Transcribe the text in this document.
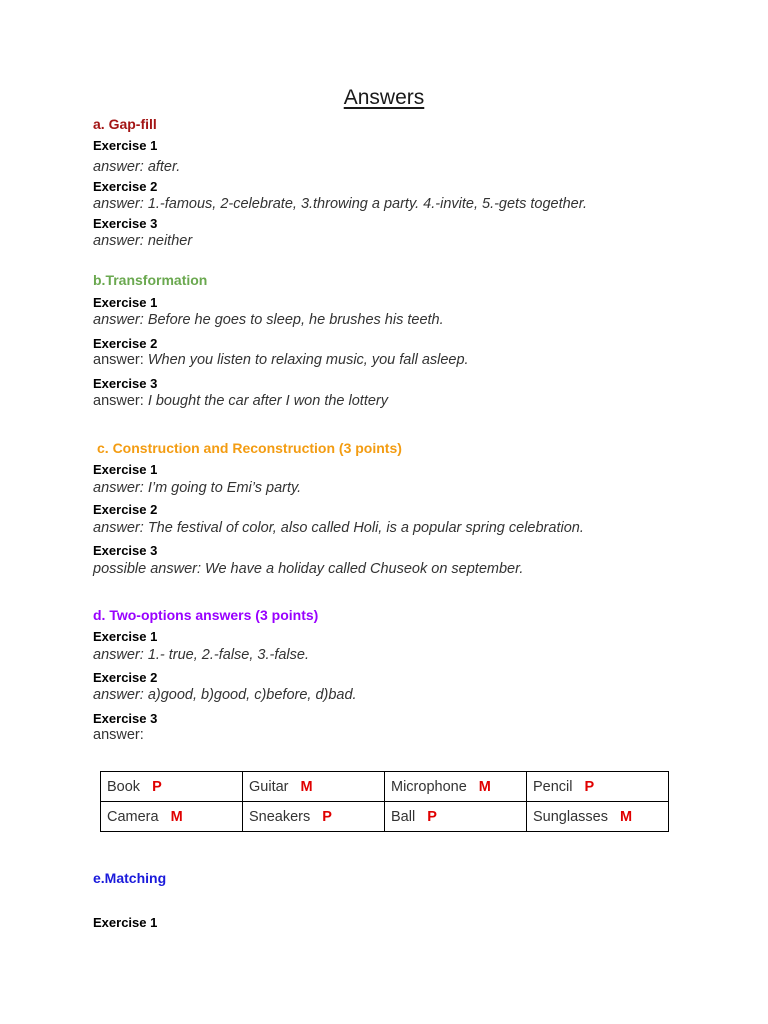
Answers
a. Gap-fill
Exercise 1
answer: after.
Exercise 2
answer: 1.-famous, 2-celebrate, 3.throwing a party. 4.-invite, 5.-gets together.
Exercise 3
answer: neither
b.Transformation
Exercise 1
answer: Before he goes to sleep, he brushes his teeth.
Exercise 2
answer: When you listen to relaxing music, you fall asleep.
Exercise 3
answer: I bought the car after I won the lottery
c. Construction and Reconstruction (3 points)
Exercise 1
answer: I’m going to Emi’s party.
Exercise 2
answer: The festival of color, also called Holi, is a popular spring celebration.
Exercise 3
possible answer: We have a holiday called Chuseok on september.
d. Two-options answers (3 points)
Exercise 1
answer: 1.- true, 2.-false, 3.-false.
Exercise 2
answer: a)good, b)good, c)before, d)bad.
Exercise 3
answer:
Book P	Guitar M	Microphone M	Pencil P
Camera M	Sneakers P	Ball P	Sunglasses M
e.Matching
Exercise 1
